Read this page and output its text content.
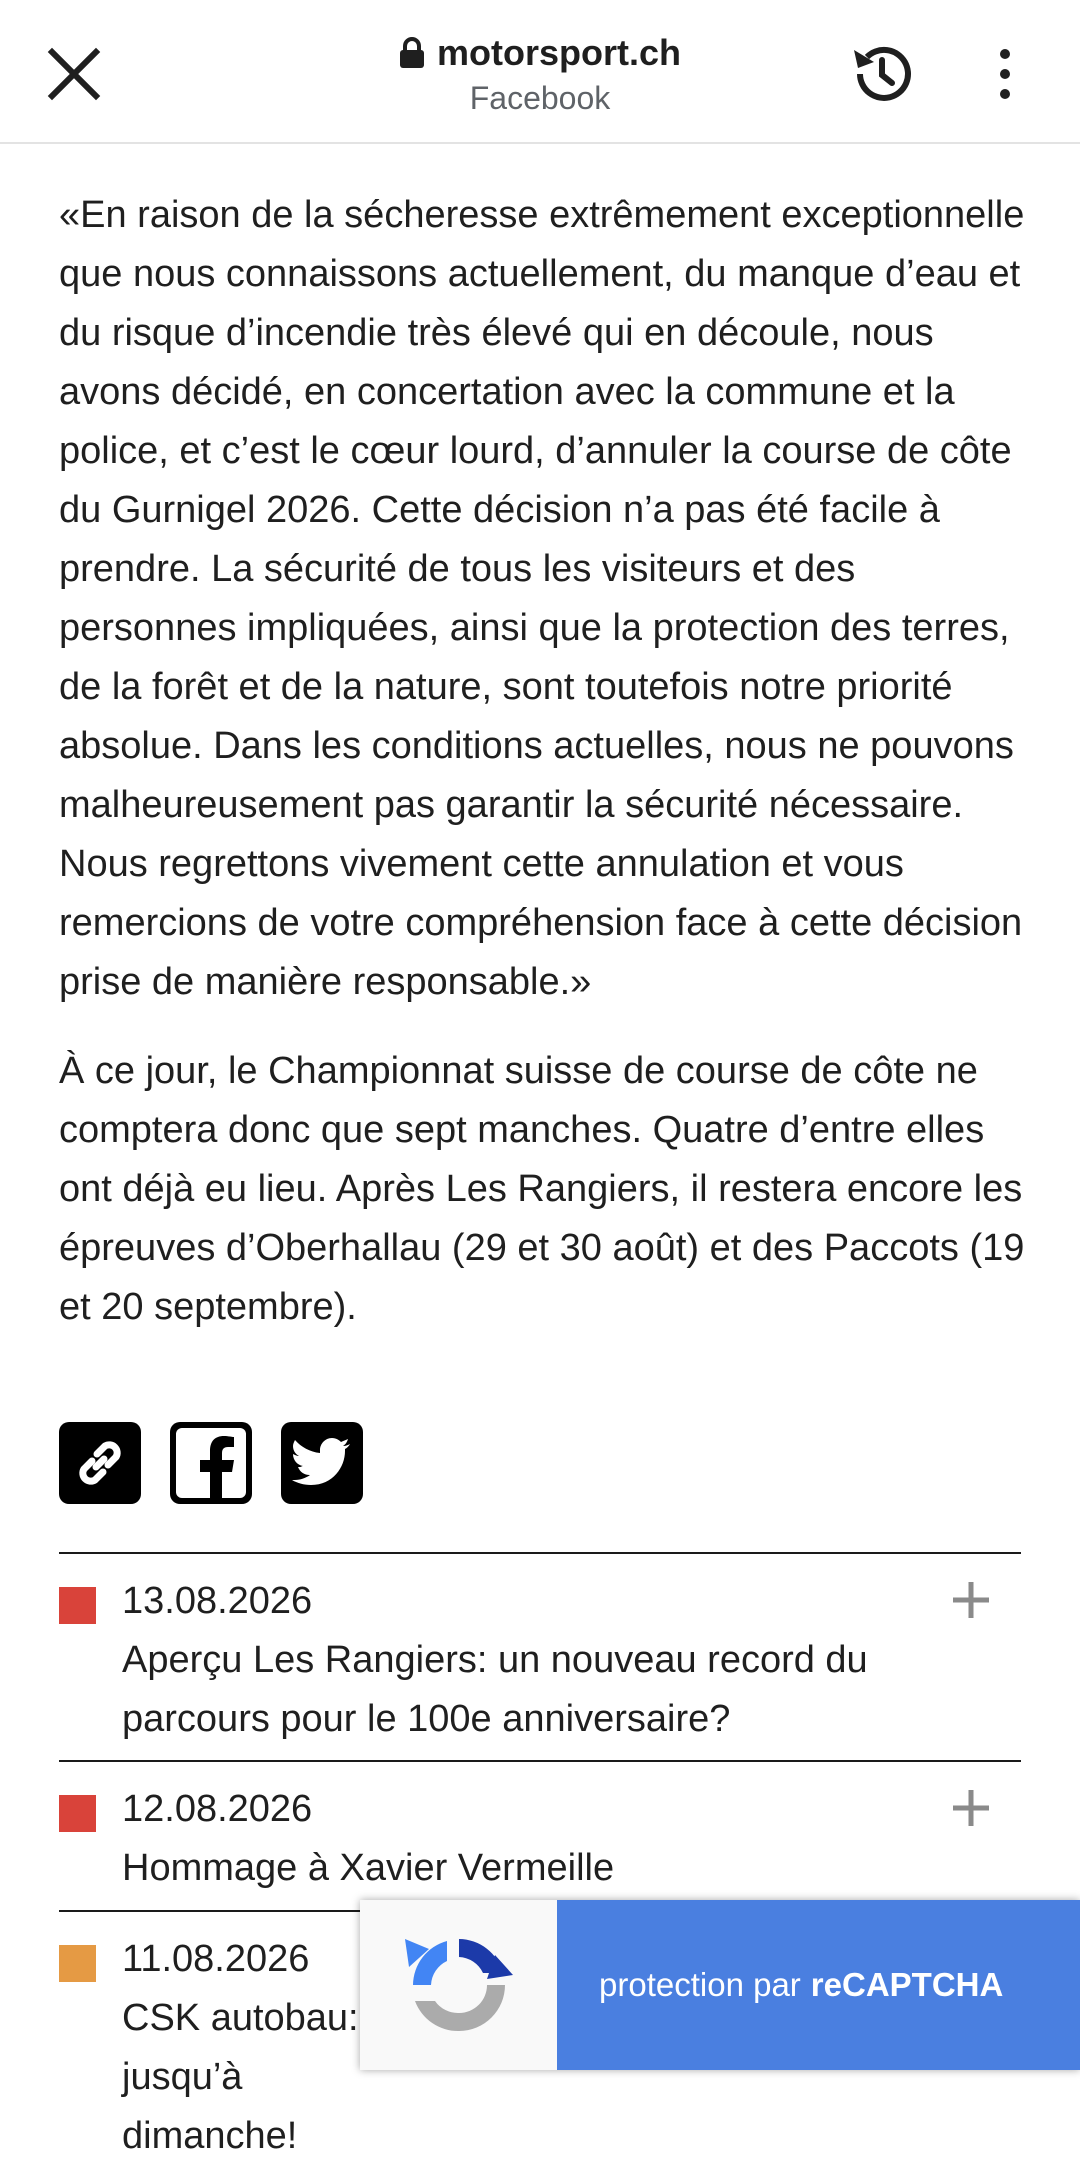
motorsport.ch
Facebook

«En raison de la sécheresse extrêmement exceptionnelle que nous connaissons actuellement, du manque d’eau et du risque d’incendie très élevé qui en découle, nous avons décidé, en concertation avec la commune et la police, et c’est le cœur lourd, d’annuler la course de côte du Gurnigel 2026. Cette décision n’a pas été facile à prendre. La sécurité de tous les visiteurs et des personnes impliquées, ainsi que la protection des terres, de la forêt et de la nature, sont toutefois notre priorité absolue. Dans les conditions actuelles, nous ne pouvons malheureusement pas garantir la sécurité nécessaire. Nous regrettons vivement cette annulation et vous remercions de votre compréhension face à cette décision prise de manière responsable.»

À ce jour, le Championnat suisse de course de côte ne comptera donc que sept manches. Quatre d’entre elles ont déjà eu lieu. Après Les Rangiers, il restera encore les épreuves d’Oberhallau (29 et 30 août) et des Paccots (19 et 20 septembre).

13.08.2026
Aperçu Les Rangiers: un nouveau record du parcours pour le 100e anniversaire?
12.08.2026
Hommage à Xavier Vermeille
11.08.2026
CSK autobau: jusqu’à dimanche!
protection par reCAPTCHA
